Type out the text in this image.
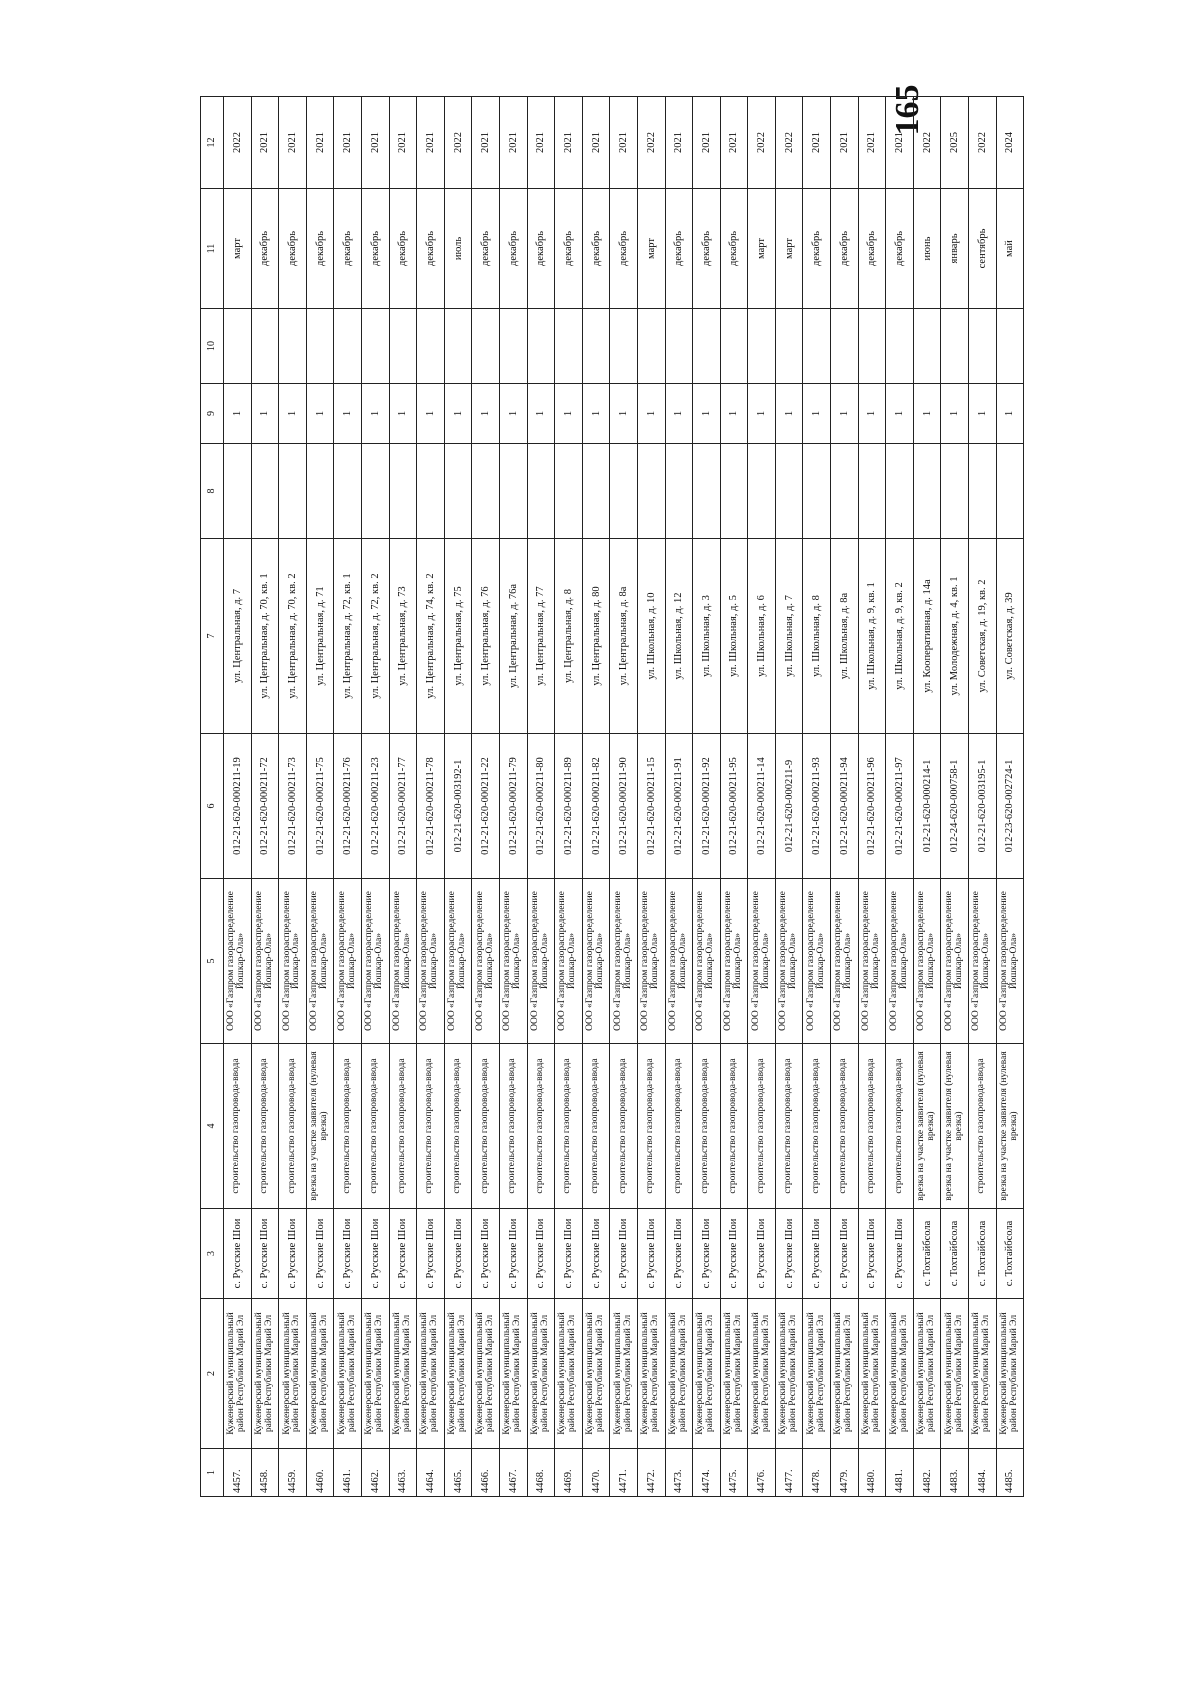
165
1	2	3	4	5	6	7	8	9	10	11	12
4457.	Куженерский муниципальный район Республики Марий Эл	с. Русские Шои	строительство газопровода-ввода	ООО «Газпром газораспределение Йошкар-Ола»	012-21-620-000211-19	ул. Центральная, д. 7		1		март	2022
4458.	Куженерский муниципальный район Республики Марий Эл	с. Русские Шои	строительство газопровода-ввода	ООО «Газпром газораспределение Йошкар-Ола»	012-21-620-000211-72	ул. Центральная, д. 70, кв. 1		1		декабрь	2021
4459.	Куженерский муниципальный район Республики Марий Эл	с. Русские Шои	строительство газопровода-ввода	ООО «Газпром газораспределение Йошкар-Ола»	012-21-620-000211-73	ул. Центральная, д. 70, кв. 2		1		декабрь	2021
4460.	Куженерский муниципальный район Республики Марий Эл	с. Русские Шои	врезка на участке заявителя (нулевая врезка)	ООО «Газпром газораспределение Йошкар-Ола»	012-21-620-000211-75	ул. Центральная, д. 71		1		декабрь	2021
4461.	Куженерский муниципальный район Республики Марий Эл	с. Русские Шои	строительство газопровода-ввода	ООО «Газпром газораспределение Йошкар-Ола»	012-21-620-000211-76	ул. Центральная, д. 72, кв. 1		1		декабрь	2021
4462.	Куженерский муниципальный район Республики Марий Эл	с. Русские Шои	строительство газопровода-ввода	ООО «Газпром газораспределение Йошкар-Ола»	012-21-620-000211-23	ул. Центральная, д. 72, кв. 2		1		декабрь	2021
4463.	Куженерский муниципальный район Республики Марий Эл	с. Русские Шои	строительство газопровода-ввода	ООО «Газпром газораспределение Йошкар-Ола»	012-21-620-000211-77	ул. Центральная, д. 73		1		декабрь	2021
4464.	Куженерский муниципальный район Республики Марий Эл	с. Русские Шои	строительство газопровода-ввода	ООО «Газпром газораспределение Йошкар-Ола»	012-21-620-000211-78	ул. Центральная, д. 74, кв. 2		1		декабрь	2021
4465.	Куженерский муниципальный район Республики Марий Эл	с. Русские Шои	строительство газопровода-ввода	ООО «Газпром газораспределение Йошкар-Ола»	012-21-620-003192-1	ул. Центральная, д. 75		1		июль	2022
4466.	Куженерский муниципальный район Республики Марий Эл	с. Русские Шои	строительство газопровода-ввода	ООО «Газпром газораспределение Йошкар-Ола»	012-21-620-000211-22	ул. Центральная, д. 76		1		декабрь	2021
4467.	Куженерский муниципальный район Республики Марий Эл	с. Русские Шои	строительство газопровода-ввода	ООО «Газпром газораспределение Йошкар-Ола»	012-21-620-000211-79	ул. Центральная, д. 76а		1		декабрь	2021
4468.	Куженерский муниципальный район Республики Марий Эл	с. Русские Шои	строительство газопровода-ввода	ООО «Газпром газораспределение Йошкар-Ола»	012-21-620-000211-80	ул. Центральная, д. 77		1		декабрь	2021
4469.	Куженерский муниципальный район Республики Марий Эл	с. Русские Шои	строительство газопровода-ввода	ООО «Газпром газораспределение Йошкар-Ола»	012-21-620-000211-89	ул. Центральная, д. 8		1		декабрь	2021
4470.	Куженерский муниципальный район Республики Марий Эл	с. Русские Шои	строительство газопровода-ввода	ООО «Газпром газораспределение Йошкар-Ола»	012-21-620-000211-82	ул. Центральная, д. 80		1		декабрь	2021
4471.	Куженерский муниципальный район Республики Марий Эл	с. Русские Шои	строительство газопровода-ввода	ООО «Газпром газораспределение Йошкар-Ола»	012-21-620-000211-90	ул. Центральная, д. 8а		1		декабрь	2021
4472.	Куженерский муниципальный район Республики Марий Эл	с. Русские Шои	строительство газопровода-ввода	ООО «Газпром газораспределение Йошкар-Ола»	012-21-620-000211-15	ул. Школьная, д. 10		1		март	2022
4473.	Куженерский муниципальный район Республики Марий Эл	с. Русские Шои	строительство газопровода-ввода	ООО «Газпром газораспределение Йошкар-Ола»	012-21-620-000211-91	ул. Школьная, д. 12		1		декабрь	2021
4474.	Куженерский муниципальный район Республики Марий Эл	с. Русские Шои	строительство газопровода-ввода	ООО «Газпром газораспределение Йошкар-Ола»	012-21-620-000211-92	ул. Школьная, д. 3		1		декабрь	2021
4475.	Куженерский муниципальный район Республики Марий Эл	с. Русские Шои	строительство газопровода-ввода	ООО «Газпром газораспределение Йошкар-Ола»	012-21-620-000211-95	ул. Школьная, д. 5		1		декабрь	2021
4476.	Куженерский муниципальный район Республики Марий Эл	с. Русские Шои	строительство газопровода-ввода	ООО «Газпром газораспределение Йошкар-Ола»	012-21-620-000211-14	ул. Школьная, д. 6		1		март	2022
4477.	Куженерский муниципальный район Республики Марий Эл	с. Русские Шои	строительство газопровода-ввода	ООО «Газпром газораспределение Йошкар-Ола»	012-21-620-000211-9	ул. Школьная, д. 7		1		март	2022
4478.	Куженерский муниципальный район Республики Марий Эл	с. Русские Шои	строительство газопровода-ввода	ООО «Газпром газораспределение Йошкар-Ола»	012-21-620-000211-93	ул. Школьная, д. 8		1		декабрь	2021
4479.	Куженерский муниципальный район Республики Марий Эл	с. Русские Шои	строительство газопровода-ввода	ООО «Газпром газораспределение Йошкар-Ола»	012-21-620-000211-94	ул. Школьная, д. 8а		1		декабрь	2021
4480.	Куженерский муниципальный район Республики Марий Эл	с. Русские Шои	строительство газопровода-ввода	ООО «Газпром газораспределение Йошкар-Ола»	012-21-620-000211-96	ул. Школьная, д. 9, кв. 1		1		декабрь	2021
4481.	Куженерский муниципальный район Республики Марий Эл	с. Русские Шои	строительство газопровода-ввода	ООО «Газпром газораспределение Йошкар-Ола»	012-21-620-000211-97	ул. Школьная, д. 9, кв. 2		1		декабрь	2021
4482.	Куженерский муниципальный район Республики Марий Эл	с. Тохтайбсола	врезка на участке заявителя (нулевая врезка)	ООО «Газпром газораспределение Йошкар-Ола»	012-21-620-000214-1	ул. Кооперативная, д. 14а		1		июнь	2022
4483.	Куженерский муниципальный район Республики Марий Эл	с. Тохтайбсола	врезка на участке заявителя (нулевая врезка)	ООО «Газпром газораспределение Йошкар-Ола»	012-24-620-000758-1	ул. Молодежная, д. 4, кв. 1		1		январь	2025
4484.	Куженерский муниципальный район Республики Марий Эл	с. Тохтайбсола	строительство газопровода-ввода	ООО «Газпром газораспределение Йошкар-Ола»	012-21-620-003195-1	ул. Советская, д. 19, кв. 2		1		сентябрь	2022
4485.	Куженерский муниципальный район Республики Марий Эл	с. Тохтайбсола	врезка на участке заявителя (нулевая врезка)	ООО «Газпром газораспределение Йошкар-Ола»	012-23-620-002724-1	ул. Советская, д. 39		1		май	2024
